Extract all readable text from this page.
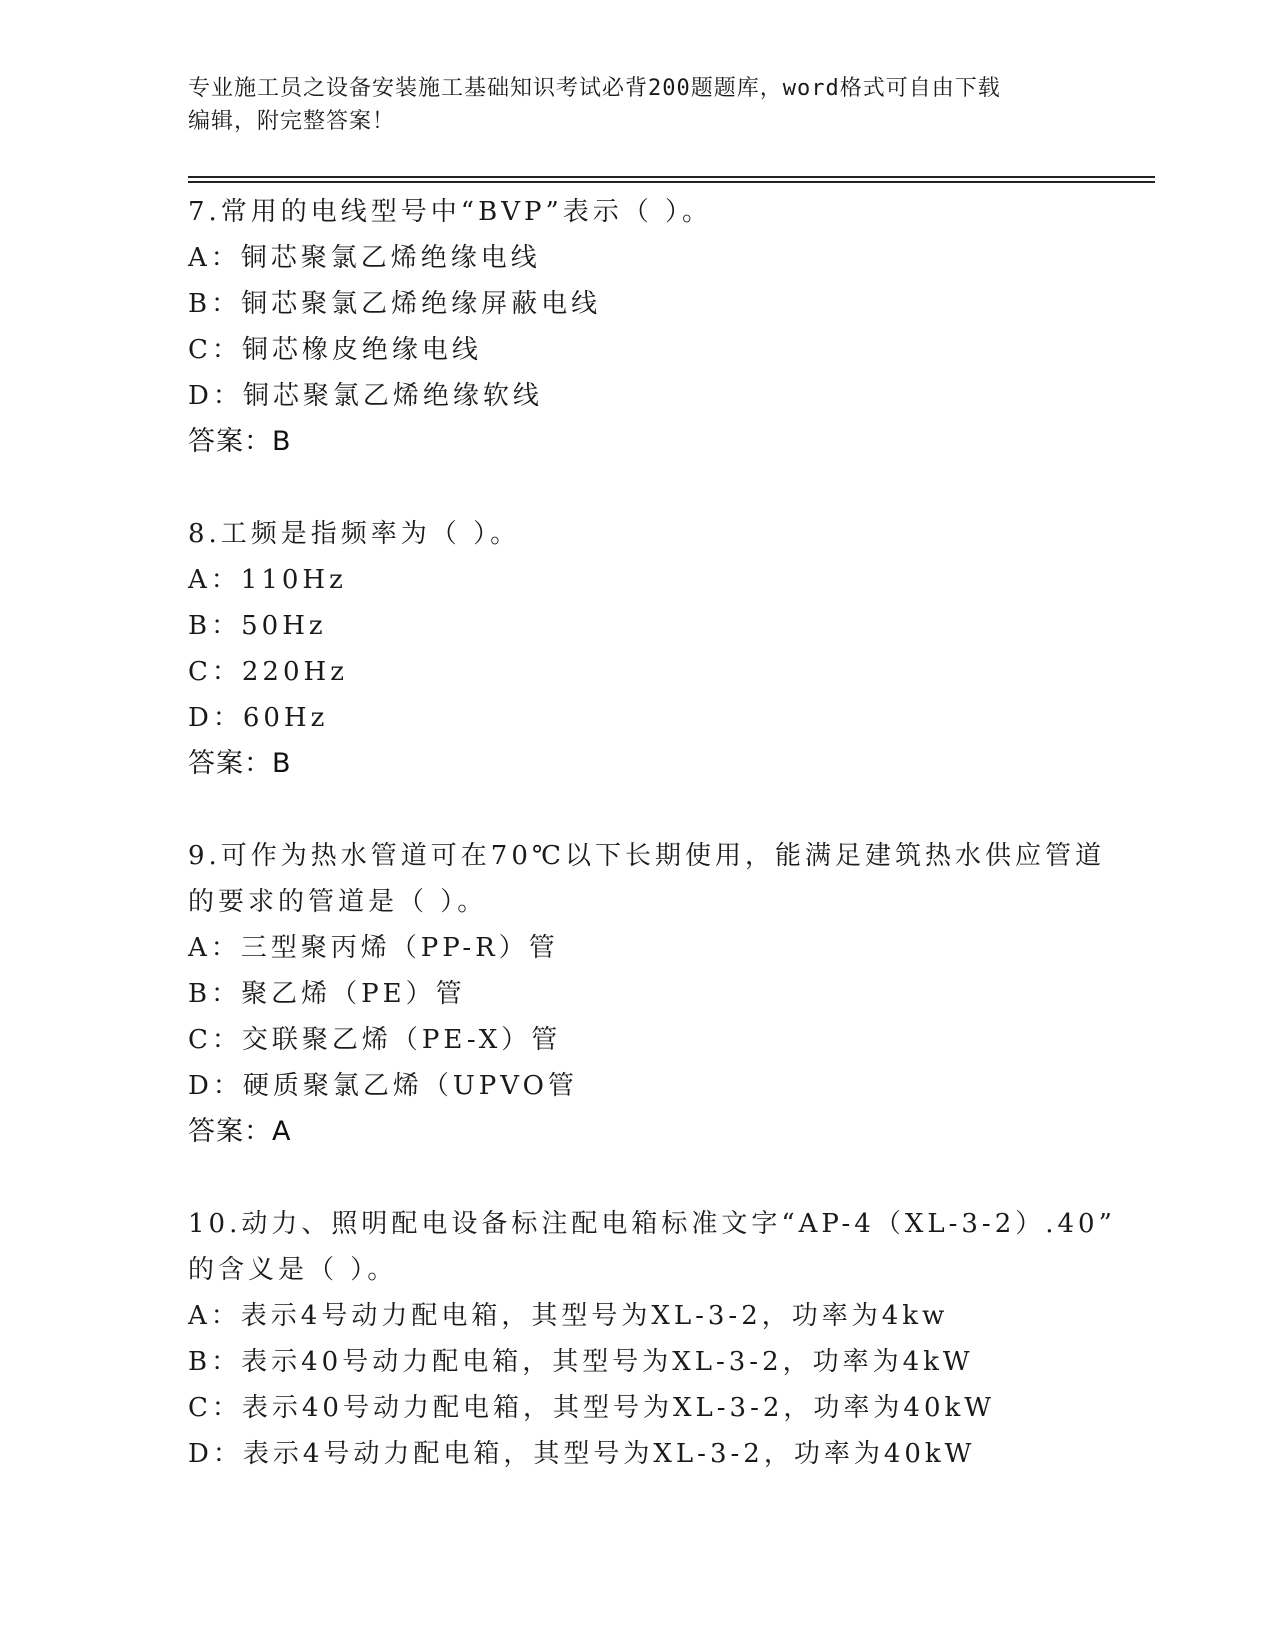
专业施工员之设备安装施工基础知识考试必背200题题库，word格式可自由下载
编辑，附完整答案！
7.常用的电线型号中“BVP”表示（ ）。
A：铜芯聚氯乙烯绝缘电线
B：铜芯聚氯乙烯绝缘屏蔽电线
C：铜芯橡皮绝缘电线
D：铜芯聚氯乙烯绝缘软线
答案：B
8.工频是指频率为（ ）。
A：110Hz
B：50Hz
C：220Hz
D：60Hz
答案：B
9.可作为热水管道可在70℃以下长期使用，能满足建筑热水供应管道
的要求的管道是（ ）。
A：三型聚丙烯（PP-R）管
B：聚乙烯（PE）管
C：交联聚乙烯（PE-X）管
D：硬质聚氯乙烯（UPVO管
答案：A
10.动力、照明配电设备标注配电箱标准文字“AP-4（XL-3-2）.40”
的含义是（ ）。
A：表示4号动力配电箱，其型号为XL-3-2，功率为4kw
B：表示40号动力配电箱，其型号为XL-3-2，功率为4kW
C：表示40号动力配电箱，其型号为XL-3-2，功率为40kW
D：表示4号动力配电箱，其型号为XL-3-2，功率为40kW
